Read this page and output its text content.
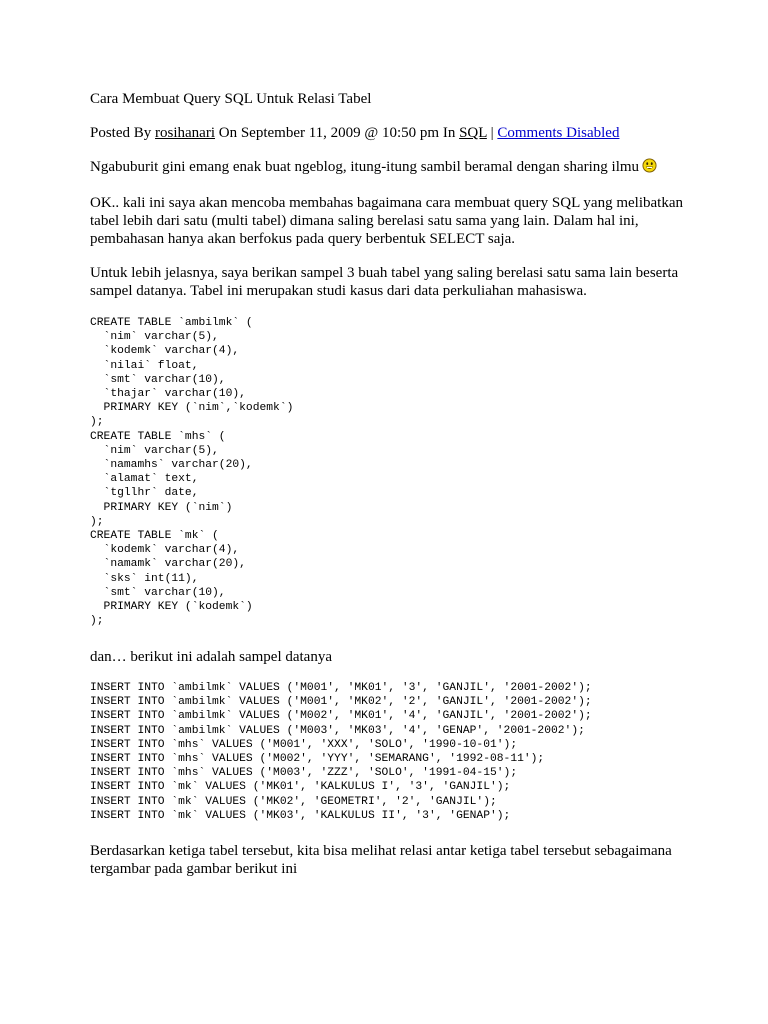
Cara Membuat Query SQL Untuk Relasi Tabel
Posted By rosihanari On September 11, 2009 @ 10:50 pm In SQL | Comments Disabled
Ngabuburit gini emang enak buat ngeblog, itung-itung sambil beramal dengan sharing ilmu
OK.. kali ini saya akan mencoba membahas bagaimana cara membuat query SQL yang melibatkan tabel lebih dari satu (multi tabel) dimana saling berelasi satu sama yang lain. Dalam hal ini, pembahasan hanya akan berfokus pada query berbentuk SELECT saja.
Untuk lebih jelasnya, saya berikan sampel 3 buah tabel yang saling berelasi satu sama lain beserta sampel datanya. Tabel ini merupakan studi kasus dari data perkuliahan mahasiswa.
CREATE TABLE `ambilmk` (
`nim` varchar(5),
`kodemk` varchar(4),
`nilai` float,
`smt` varchar(10),
`thajar` varchar(10),
PRIMARY KEY (`nim`,`kodemk`)
);
CREATE TABLE `mhs` (
`nim` varchar(5),
`namamhs` varchar(20),
`alamat` text,
`tgllhr` date,
PRIMARY KEY (`nim`)
);
CREATE TABLE `mk` (
`kodemk` varchar(4),
`namamk` varchar(20),
`sks` int(11),
`smt` varchar(10),
PRIMARY KEY (`kodemk`)
);
dan… berikut ini adalah sampel datanya
INSERT INTO `ambilmk` VALUES ('M001', 'MK01', '3', 'GANJIL', '2001-2002');
INSERT INTO `ambilmk` VALUES ('M001', 'MK02', '2', 'GANJIL', '2001-2002');
INSERT INTO `ambilmk` VALUES ('M002', 'MK01', '4', 'GANJIL', '2001-2002');
INSERT INTO `ambilmk` VALUES ('M003', 'MK03', '4', 'GENAP', '2001-2002');
INSERT INTO `mhs` VALUES ('M001', 'XXX', 'SOLO', '1990-10-01');
INSERT INTO `mhs` VALUES ('M002', 'YYY', 'SEMARANG', '1992-08-11');
INSERT INTO `mhs` VALUES ('M003', 'ZZZ', 'SOLO', '1991-04-15');
INSERT INTO `mk` VALUES ('MK01', 'KALKULUS I', '3', 'GANJIL');
INSERT INTO `mk` VALUES ('MK02', 'GEOMETRI', '2', 'GANJIL');
INSERT INTO `mk` VALUES ('MK03', 'KALKULUS II', '3', 'GENAP');
Berdasarkan ketiga tabel tersebut, kita bisa melihat relasi antar ketiga tabel tersebut sebagaimana tergambar pada gambar berikut ini
